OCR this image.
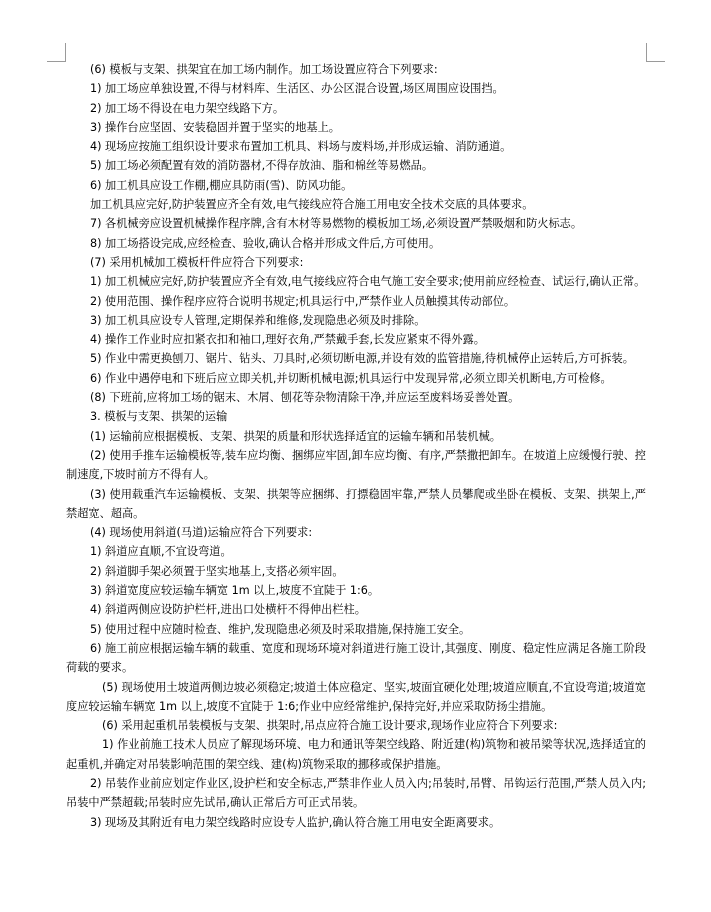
(6) 模板与支架、拱架宜在加工场内制作。加工场设置应符合下列要求:

1) 加工场应单独设置,不得与材料库、生活区、办公区混合设置,场区周围应设围挡。

2) 加工场不得设在电力架空线路下方。

3) 操作台应坚固、安装稳固并置于坚实的地基上。

4) 现场应按施工组织设计要求布置加工机具、料场与废料场,并形成运输、消防通道。

5) 加工场必须配置有效的消防器材,不得存放油、脂和棉丝等易燃品。

6) 加工机具应设工作棚,棚应具防雨(雪)、防风功能。

加工机具应完好,防护装置应齐全有效,电气接线应符合施工用电安全技术交底的具体要求。

7) 各机械旁应设置机械操作程序牌,含有木材等易燃物的模板加工场,必须设置严禁吸烟和防火标志。

8) 加工场搭设完成,应经检查、验收,确认合格并形成文件后,方可使用。

(7) 采用机械加工模板杆件应符合下列要求:

1) 加工机械应完好,防护装置应齐全有效,电气接线应符合电气施工安全要求;使用前应经检查、试运行,确认正常。

2) 使用范围、操作程序应符合说明书规定;机具运行中,严禁作业人员触摸其传动部位。

3) 加工机具应设专人管理,定期保养和维修,发现隐患必须及时排除。

4) 操作工作业时应扣紧衣扣和袖口,理好衣角,严禁戴手套,长发应紧束不得外露。

5) 作业中需更换刨刀、锯片、钻头、刀具时,必须切断电源,并设有效的监管措施,待机械停止运转后,方可拆装。

6) 作业中遇停电和下班后应立即关机,并切断机械电源;机具运行中发现异常,必须立即关机断电,方可检修。

(8) 下班前,应将加工场的锯末、木屑、刨花等杂物清除干净,并应运至废料场妥善处置。

3. 模板与支架、拱架的运输

(1) 运输前应根据模板、支架、拱架的质量和形状选择适宜的运输车辆和吊装机械。

(2) 使用手推车运输模板等,装车应均衡、捆绑应牢固,卸车应均衡、有序,严禁撒把卸车。在坡道上应缓慢行驶、控制速度,下坡时前方不得有人。

(3) 使用载重汽车运输模板、支架、拱架等应捆绑、打摽稳固牢靠,严禁人员攀爬或坐卧在模板、支架、拱架上,严禁超宽、超高。

(4) 现场使用斜道(马道)运输应符合下列要求:

1) 斜道应直顺,不宜设弯道。

2) 斜道脚手架必须置于坚实地基上,支搭必须牢固。

3) 斜道宽度应较运输车辆宽 1m 以上,坡度不宜陡于 1:6。

4) 斜道两侧应设防护栏杆,进出口处横杆不得伸出栏柱。

5) 使用过程中应随时检查、维护,发现隐患必须及时采取措施,保持施工安全。

6) 施工前应根据运输车辆的载重、宽度和现场环境对斜道进行施工设计,其强度、刚度、稳定性应满足各施工阶段荷载的要求。

(5) 现场使用土坡道两侧边坡必须稳定;坡道土体应稳定、坚实,坡面宜硬化处理;坡道应顺直,不宜设弯道;坡道宽度应较运输车辆宽 1m 以上,坡度不宜陡于 1:6;作业中应经常维护,保持完好,并应采取防扬尘措施。

(6) 采用起重机吊装模板与支架、拱架时,吊点应符合施工设计要求,现场作业应符合下列要求:

1) 作业前施工技术人员应了解现场环境、电力和通讯等架空线路、附近建(构)筑物和被吊梁等状况,选择适宜的起重机,并确定对吊装影响范围的架空线、建(构)筑物采取的挪移或保护措施。

2) 吊装作业前应划定作业区,设护栏和安全标志,严禁非作业人员入内;吊装时,吊臂、吊钩运行范围,严禁人员入内;吊装中严禁超载;吊装时应先试吊,确认正常后方可正式吊装。

3) 现场及其附近有电力架空线路时应设专人监护,确认符合施工用电安全距离要求。
